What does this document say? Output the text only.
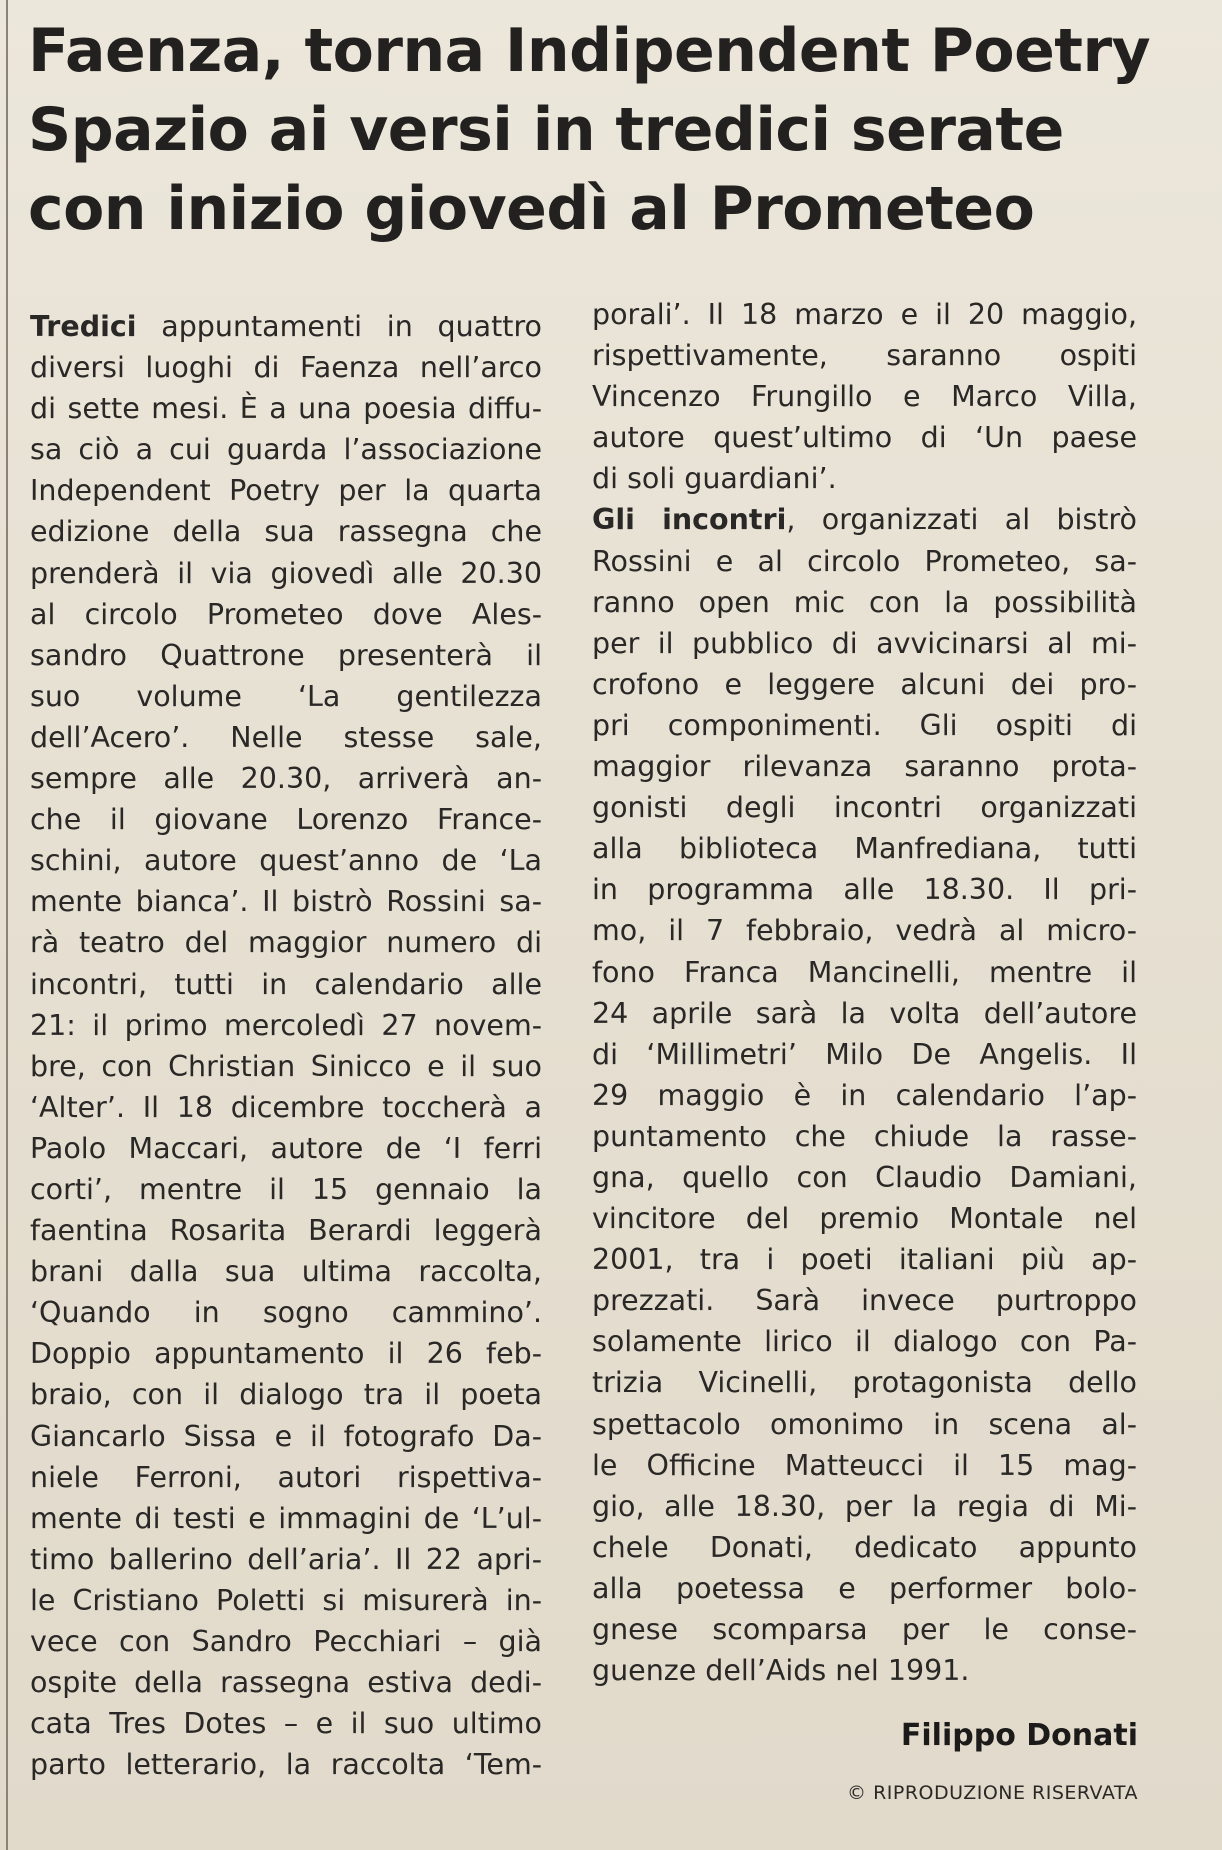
Faenza, torna Indipendent Poetry
Spazio ai versi in tredici serate
con inizio giovedì al Prometeo
Tredici appuntamenti in quattro
diversi luoghi di Faenza nell’arco
di sette mesi. È a una poesia diffu-
sa ciò a cui guarda l’associazione
Independent Poetry per la quarta
edizione della sua rassegna che
prenderà il via giovedì alle 20.30
al circolo Prometeo dove Ales-
sandro Quattrone presenterà il
suo volume ‘La gentilezza
dell’Acero’. Nelle stesse sale,
sempre alle 20.30, arriverà an-
che il giovane Lorenzo France-
schini, autore quest’anno de ‘La
mente bianca’. Il bistrò Rossini sa-
rà teatro del maggior numero di
incontri, tutti in calendario alle
21: il primo mercoledì 27 novem-
bre, con Christian Sinicco e il suo
‘Alter’. Il 18 dicembre toccherà a
Paolo Maccari, autore de ‘I ferri
corti’, mentre il 15 gennaio la
faentina Rosarita Berardi leggerà
brani dalla sua ultima raccolta,
‘Quando in sogno cammino’.
Doppio appuntamento il 26 feb-
braio, con il dialogo tra il poeta
Giancarlo Sissa e il fotografo Da-
niele Ferroni, autori rispettiva-
mente di testi e immagini de ‘L’ul-
timo ballerino dell’aria’. Il 22 apri-
le Cristiano Poletti si misurerà in-
vece con Sandro Pecchiari – già
ospite della rassegna estiva dedi-
cata Tres Dotes – e il suo ultimo
parto letterario, la raccolta ‘Tem-
porali’. Il 18 marzo e il 20 maggio,
rispettivamente, saranno ospiti
Vincenzo Frungillo e Marco Villa,
autore quest’ultimo di ‘Un paese
di soli guardiani’.
Gli incontri, organizzati al bistrò
Rossini e al circolo Prometeo, sa-
ranno open mic con la possibilità
per il pubblico di avvicinarsi al mi-
crofono e leggere alcuni dei pro-
pri componimenti. Gli ospiti di
maggior rilevanza saranno prota-
gonisti degli incontri organizzati
alla biblioteca Manfrediana, tutti
in programma alle 18.30. Il pri-
mo, il 7 febbraio, vedrà al micro-
fono Franca Mancinelli, mentre il
24 aprile sarà la volta dell’autore
di ‘Millimetri’ Milo De Angelis. Il
29 maggio è in calendario l’ap-
puntamento che chiude la rasse-
gna, quello con Claudio Damiani,
vincitore del premio Montale nel
2001, tra i poeti italiani più ap-
prezzati. Sarà invece purtroppo
solamente lirico il dialogo con Pa-
trizia Vicinelli, protagonista dello
spettacolo omonimo in scena al-
le Officine Matteucci il 15 mag-
gio, alle 18.30, per la regia di Mi-
chele Donati, dedicato appunto
alla poetessa e performer bolo-
gnese scomparsa per le conse-
guenze dell’Aids nel 1991.
Filippo Donati
© RIPRODUZIONE RISERVATA
